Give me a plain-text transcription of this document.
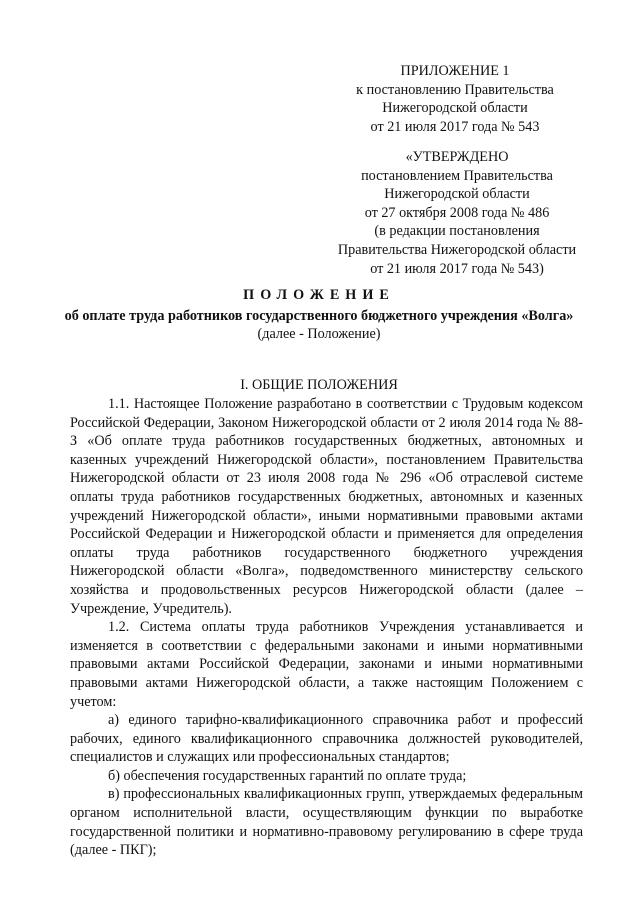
ПРИЛОЖЕНИЕ 1
к постановлению Правительства
Нижегородской области
от 21 июля 2017 года № 543
«УТВЕРЖДЕНО
постановлением Правительства
Нижегородской области
от 27 октября 2008 года № 486
(в редакции постановления
Правительства Нижегородской области
от 21 июля 2017 года № 543)
ПОЛОЖЕНИЕ
об оплате труда работников государственного бюджетного учреждения «Волга»
(далее - Положение)
I. ОБЩИЕ ПОЛОЖЕНИЯ

1.1. Настоящее Положение разработано в соответствии с Трудовым кодексом Российской Федерации, Законом Нижегородской области от 2 июля 2014 года № 88-З «Об оплате труда работников государственных бюджетных, автономных и казенных учреждений Нижегородской области», постановлением Правительства Нижегородской области от 23 июля 2008 года № 296 «Об отраслевой системе оплаты труда работников государственных бюджетных, автономных и казенных учреждений Нижегородской области», иными нормативными правовыми актами Российской Федерации и Нижегородской области и применяется для определения оплаты труда работников государственного бюджетного учреждения Нижегородской области «Волга», подведомственного министерству сельского хозяйства и продовольственных ресурсов Нижегородской области (далее – Учреждение, Учредитель).

1.2. Система оплаты труда работников Учреждения устанавливается и изменяется в соответствии с федеральными законами и иными нормативными правовыми актами Российской Федерации, законами и иными нормативными правовыми актами Нижегородской области, а также настоящим Положением с учетом:

а) единого тарифно-квалификационного справочника работ и профессий рабочих, единого квалификационного справочника должностей руководителей, специалистов и служащих или профессиональных стандартов;

б) обеспечения государственных гарантий по оплате труда;

в) профессиональных квалификационных групп, утверждаемых федеральным органом исполнительной власти, осуществляющим функции по выработке государственной политики и нормативно-правовому регулированию в сфере труда (далее - ПКГ);
